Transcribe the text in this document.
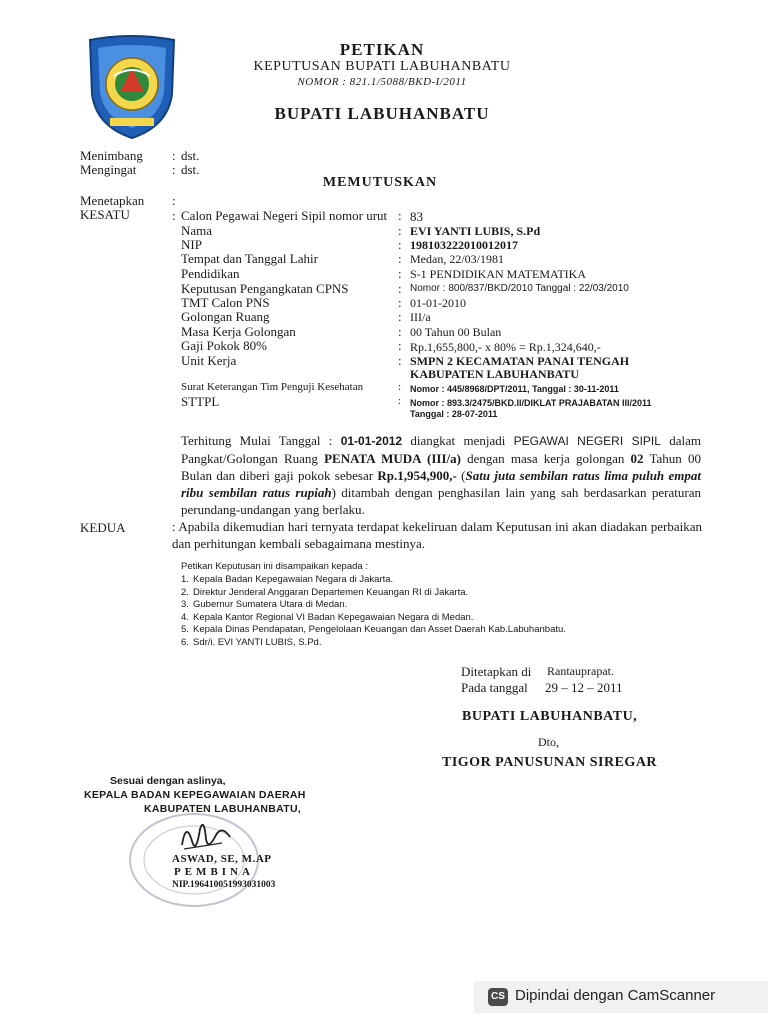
PETIKAN
KEPUTUSAN BUPATI LABUHANBATU
NOMOR : 821.1/5088/BKD-I/2011
BUPATI LABUHANBATU
Menimbang : dst.
Mengingat	: dst.
MEMUTUSKAN
Menetapkan :
KESATU	: Calon Pegawai Negeri Sipil nomor urut : 83
Nama	: EVI YANTI LUBIS, S.Pd
NIP	: 198103222010012017
Tempat dan Tanggal Lahir	: Medan, 22/03/1981
Pendidikan	: S-1 PENDIDIKAN MATEMATIKA
Keputusan Pengangkatan CPNS	: Nomor : 800/837/BKD/2010 Tanggal : 22/03/2010
TMT Calon PNS	: 01-01-2010
Golongan Ruang	: III/a
Masa Kerja Golongan	: 00 Tahun 00 Bulan
Gaji Pokok 80%	: Rp.1,655,800,- x 80% = Rp.1,324,640,-
Unit Kerja	: SMPN 2 KECAMATAN PANAI TENGAH
KABUPATEN LABUHANBATU
Surat Keterangan Tim Penguji Kesehatan	: Nomor : 445/8968/DPT/2011, Tanggal : 30-11-2011
STTPL	: Nomor : 893.3/2475/BKD.II/DIKLAT PRAJABATAN III/2011
Tanggal : 28-07-2011
Terhitung Mulai Tanggal : 01-01-2012 diangkat menjadi PEGAWAI NEGERI SIPIL dalam Pangkat/Golongan Ruang PENATA MUDA (III/a) dengan masa kerja golongan 02 Tahun 00 Bulan dan diberi gaji pokok sebesar Rp.1,954,900,- (Satu juta sembilan ratus lima puluh empat ribu sembilan ratus rupiah) ditambah dengan penghasilan lain yang sah berdasarkan peraturan perundang-undangan yang berlaku.
KEDUA	: Apabila dikemudian hari ternyata terdapat kekeliruan dalam Keputusan ini akan diadakan perbaikan dan perhitungan kembali sebagaimana mestinya.
Petikan Keputusan ini disampaikan kepada :
1. Kepala Badan Kepegawaian Negara di Jakarta.
2. Direktur Jenderal Anggaran Departemen Keuangan RI di Jakarta.
3. Gubernur Sumatera Utara di Medan.
4. Kepala Kantor Regional VI Badan Kepegawaian Negara di Medan.
5. Kepala Dinas Pendapatan, Pengelolaan Keuangan dan Asset Daerah Kab.Labuhanbatu.
6. Sdr/i. EVI YANTI LUBIS, S.Pd.
Ditetapkan di Rantauprapat.
Pada tanggal 29 – 12 – 2011
BUPATI LABUHANBATU,
Dto,
TIGOR PANUSUNAN SIREGAR
Sesuai dengan aslinya,
KEPALA BADAN KEPEGAWAIAN DAERAH
KABUPATEN LABUHANBATU,
ASWAD, SE, M.AP
PEMBINA
NIP.196410051993031003
CS Dipindai dengan CamScanner
